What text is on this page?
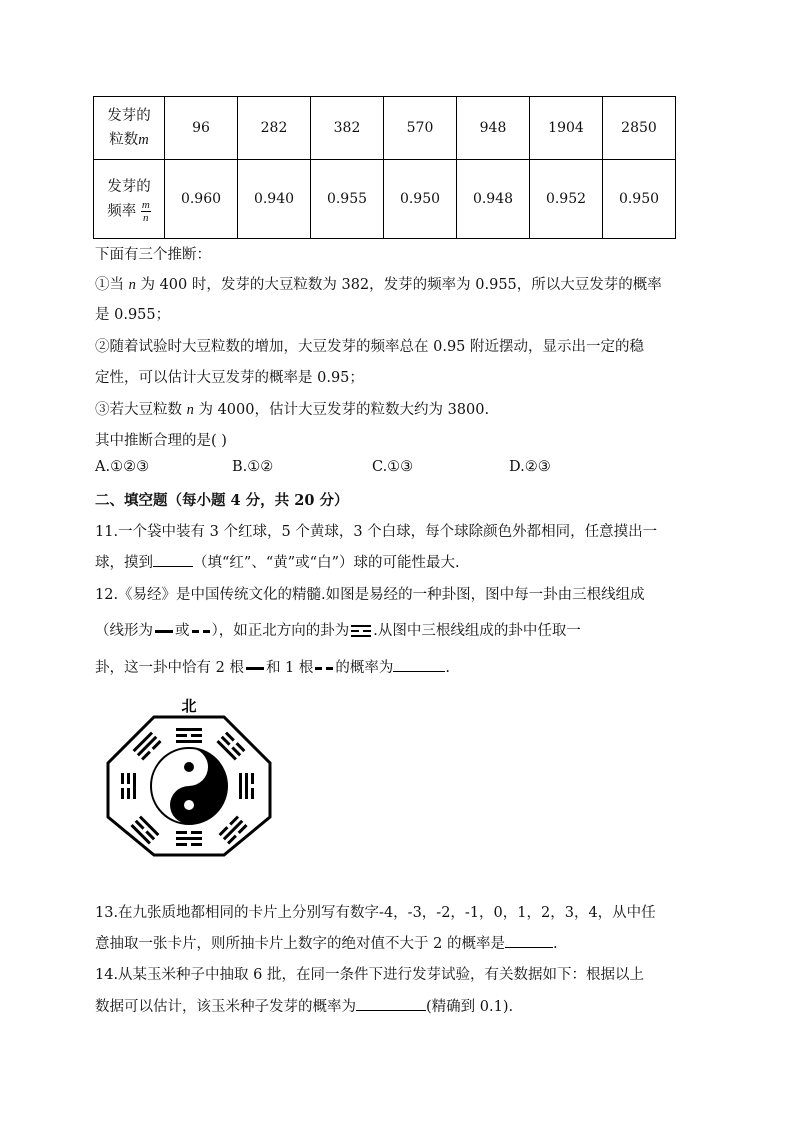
发芽的
粒数m	96	282	382	570	948	1904	2850
发芽的
频率 $\frac{m}{n}$	0.960	0.940	0.955	0.950	0.948	0.952	0.950
下面有三个推断：
①当 n 为 400 时，发芽的大豆粒数为 382，发芽的频率为 0.955，所以大豆发芽的概率
是 0.955；
②随着试验时大豆粒数的增加，大豆发芽的频率总在 0.95 附近摆动，显示出一定的稳
定性，可以估计大豆发芽的概率是 0.95；
③若大豆粒数 n 为 4000，估计大豆发芽的粒数大约为 3800.
其中推断合理的是( )
A.①②③	B.①②	C.①③	D.②③
二、填空题（每小题 4 分，共 20 分）
11.一个袋中装有 3 个红球，5 个黄球，3 个白球，每个球除颜色外都相同，任意摸出一
球，摸到	（填“红”、“黄”或“白”）球的可能性最大.
12.《易经》是中国传统文化的精髓.如图是易经的一种卦图，图中每一卦由三根线组成
（线形为 或 ），如正北方向的卦为 .从图中三根线组成的卦中任取一
卦，这一卦中恰有 2 根 和 1 根 的概率为	.
北
13.在九张质地都相同的卡片上分别写有数字-4，-3，-2，-1，0，1，2，3，4，从中任
意抽取一张卡片，则所抽卡片上数字的绝对值不大于 2 的概率是	.
14.从某玉米种子中抽取 6 批，在同一条件下进行发芽试验，有关数据如下：根据以上
数据可以估计，该玉米种子发芽的概率为	(精确到 0.1).
